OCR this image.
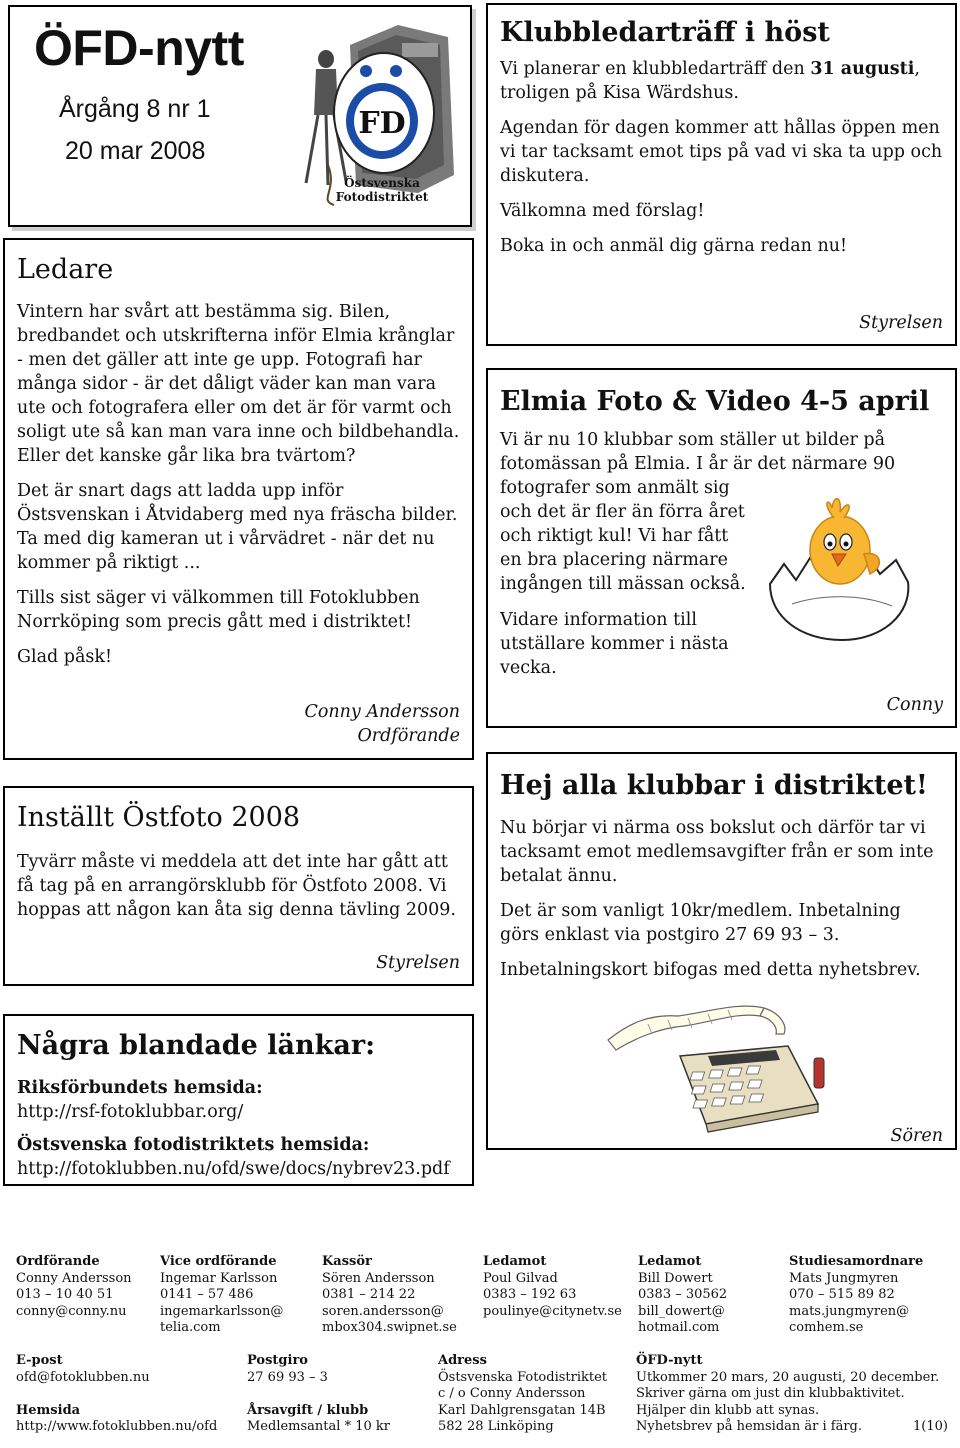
ÖFD-nytt
Årgång 8 nr 1
20 mar 2008
FD
Östsvenska
Fotodistriktet
Ledare

Vintern har svårt att bestämma sig. Bilen, bredbandet och utskrifterna inför Elmia krånglar - men det gäller att inte ge upp. Fotografi har många sidor - är det dåligt väder kan man vara ute och fotografera eller om det är för varmt och soligt ute så kan man vara inne och bildbehandla. Eller det kanske går lika bra tvärtom?

Det är snart dags att ladda upp inför Östsvenskan i Åtvidaberg med nya fräscha bilder. Ta med dig kameran ut i vårvädret - när det nu kommer på riktigt ...

Tills sist säger vi välkommen till Fotoklubben Norrköping som precis gått med i distriktet!

Glad påsk!

Conny Andersson
Ordförande
Inställt Östfoto 2008

Tyvärr måste vi meddela att det inte har gått att få tag på en arrangörsklubb för Östfoto 2008. Vi hoppas att någon kan åta sig denna tävling 2009.

Styrelsen
Några blandade länkar:
Riksförbundets hemsida:
http://rsf-fotoklubbar.org/
Östsvenska fotodistriktets hemsida:
http://fotoklubben.nu/ofd/swe/docs/nybrev23.pdf
Klubbledarträff i höst

Vi planerar en klubbledarträff den 31 augusti, troligen på Kisa Wärdshus.

Agendan för dagen kommer att hållas öppen men vi tar tacksamt emot tips på vad vi ska ta upp och diskutera.

Välkomna med förslag!

Boka in och anmäl dig gärna redan nu!

Styrelsen
Elmia Foto & Video 4-5 april
Vi är nu 10 klubbar som ställer ut bilder på
fotomässan på Elmia. I år är det närmare 90
fotografer som anmält sig
och det är fler än förra året
och riktigt kul! Vi har fått
en bra placering närmare
ingången till mässan också.
Vidare information till
utställare kommer i nästa
vecka.
Conny
Hej alla klubbar i distriktet!

Nu börjar vi närma oss bokslut och därför tar vi tacksamt emot medlemsavgifter från er som inte betalat ännu.

Det är som vanligt 10kr/medlem. Inbetalning görs enklast via postgiro 27 69 93 – 3.

Inbetalningskort bifogas med detta nyhetsbrev.

Sören
Ordförande
Conny Andersson
013 – 10 40 51
conny@conny.nu
Vice ordförande
Ingemar Karlsson
0141 – 57 486
ingemarkarlsson@
telia.com
Kassör
Sören Andersson
0381 – 214 22
soren.andersson@
mbox304.swipnet.se
Ledamot
Poul Gilvad
0383 – 192 63
poulinye@citynetv.se
Ledamot
Bill Dowert
0383 – 30562
bill_dowert@
hotmail.com
Studiesamordnare
Mats Jungmyren
070 – 515 89 82
mats.jungmyren@
comhem.se
E-post
ofd@fotoklubben.nu
Hemsida
http://www.fotoklubben.nu/ofd
Postgiro
27 69 93 – 3
Årsavgift / klubb
Medlemsantal * 10 kr
Adress
Östsvenska Fotodistriktet
c / o Conny Andersson
Karl Dahlgrensgatan 14B
582 28 Linköping
ÖFD-nytt
Utkommer 20 mars, 20 augusti, 20 december.
Skriver gärna om just din klubbaktivitet.
Hjälper din klubb att synas.
Nyhetsbrev på hemsidan är i färg.	1(10)
